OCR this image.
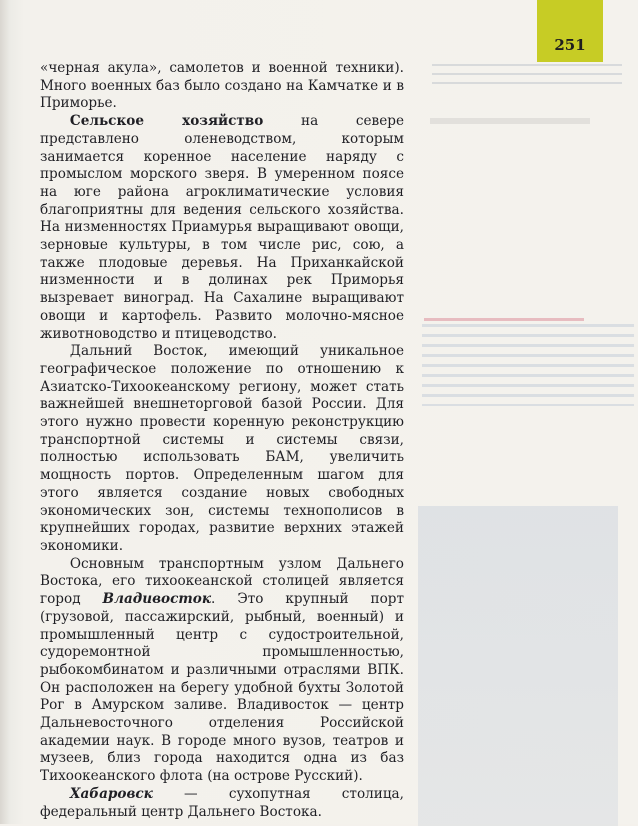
251

«черная акула», самолетов и военной техники). Много военных баз было создано на Камчатке и в Приморье.

Сельское хозяйство на севере представлено оленеводством, которым занимается коренное население наряду с промыслом морского зверя. В умеренном поясе на юге района агроклиматические условия благоприятны для ведения сельского хозяйства. На низменностях Приамурья выращивают овощи, зерновые культуры, в том числе рис, сою, а также плодовые деревья. На Приханкайской низменности и в долинах рек Приморья вызревает виноград. На Сахалине выращивают овощи и картофель. Развито молочно-мясное животноводство и птицеводство.

Дальний Восток, имеющий уникальное географическое положение по отношению к Азиатско-Тихоокеанскому региону, может стать важнейшей внешнеторговой базой России. Для этого нужно провести коренную реконструкцию транспортной системы и системы связи, полностью использовать БАМ, увеличить мощность портов. Определенным шагом для этого является создание новых свободных экономических зон, системы технополисов в крупнейших городах, развитие верхних этажей экономики.

Основным транспортным узлом Дальнего Востока, его тихоокеанской столицей является город Владивосток. Это крупный порт (грузовой, пассажирский, рыбный, военный) и промышленный центр с судостроительной, судоремонтной промышленностью, рыбокомбинатом и различными отраслями ВПК. Он расположен на берегу удобной бухты Золотой Рог в Амурском заливе. Владивосток — центр Дальневосточного отделения Российской академии наук. В городе много вузов, театров и музеев, близ города находится одна из баз Тихоокеанского флота (на острове Русский).

Хабаровск — сухопутная столица, федеральный центр Дальнего Востока.
